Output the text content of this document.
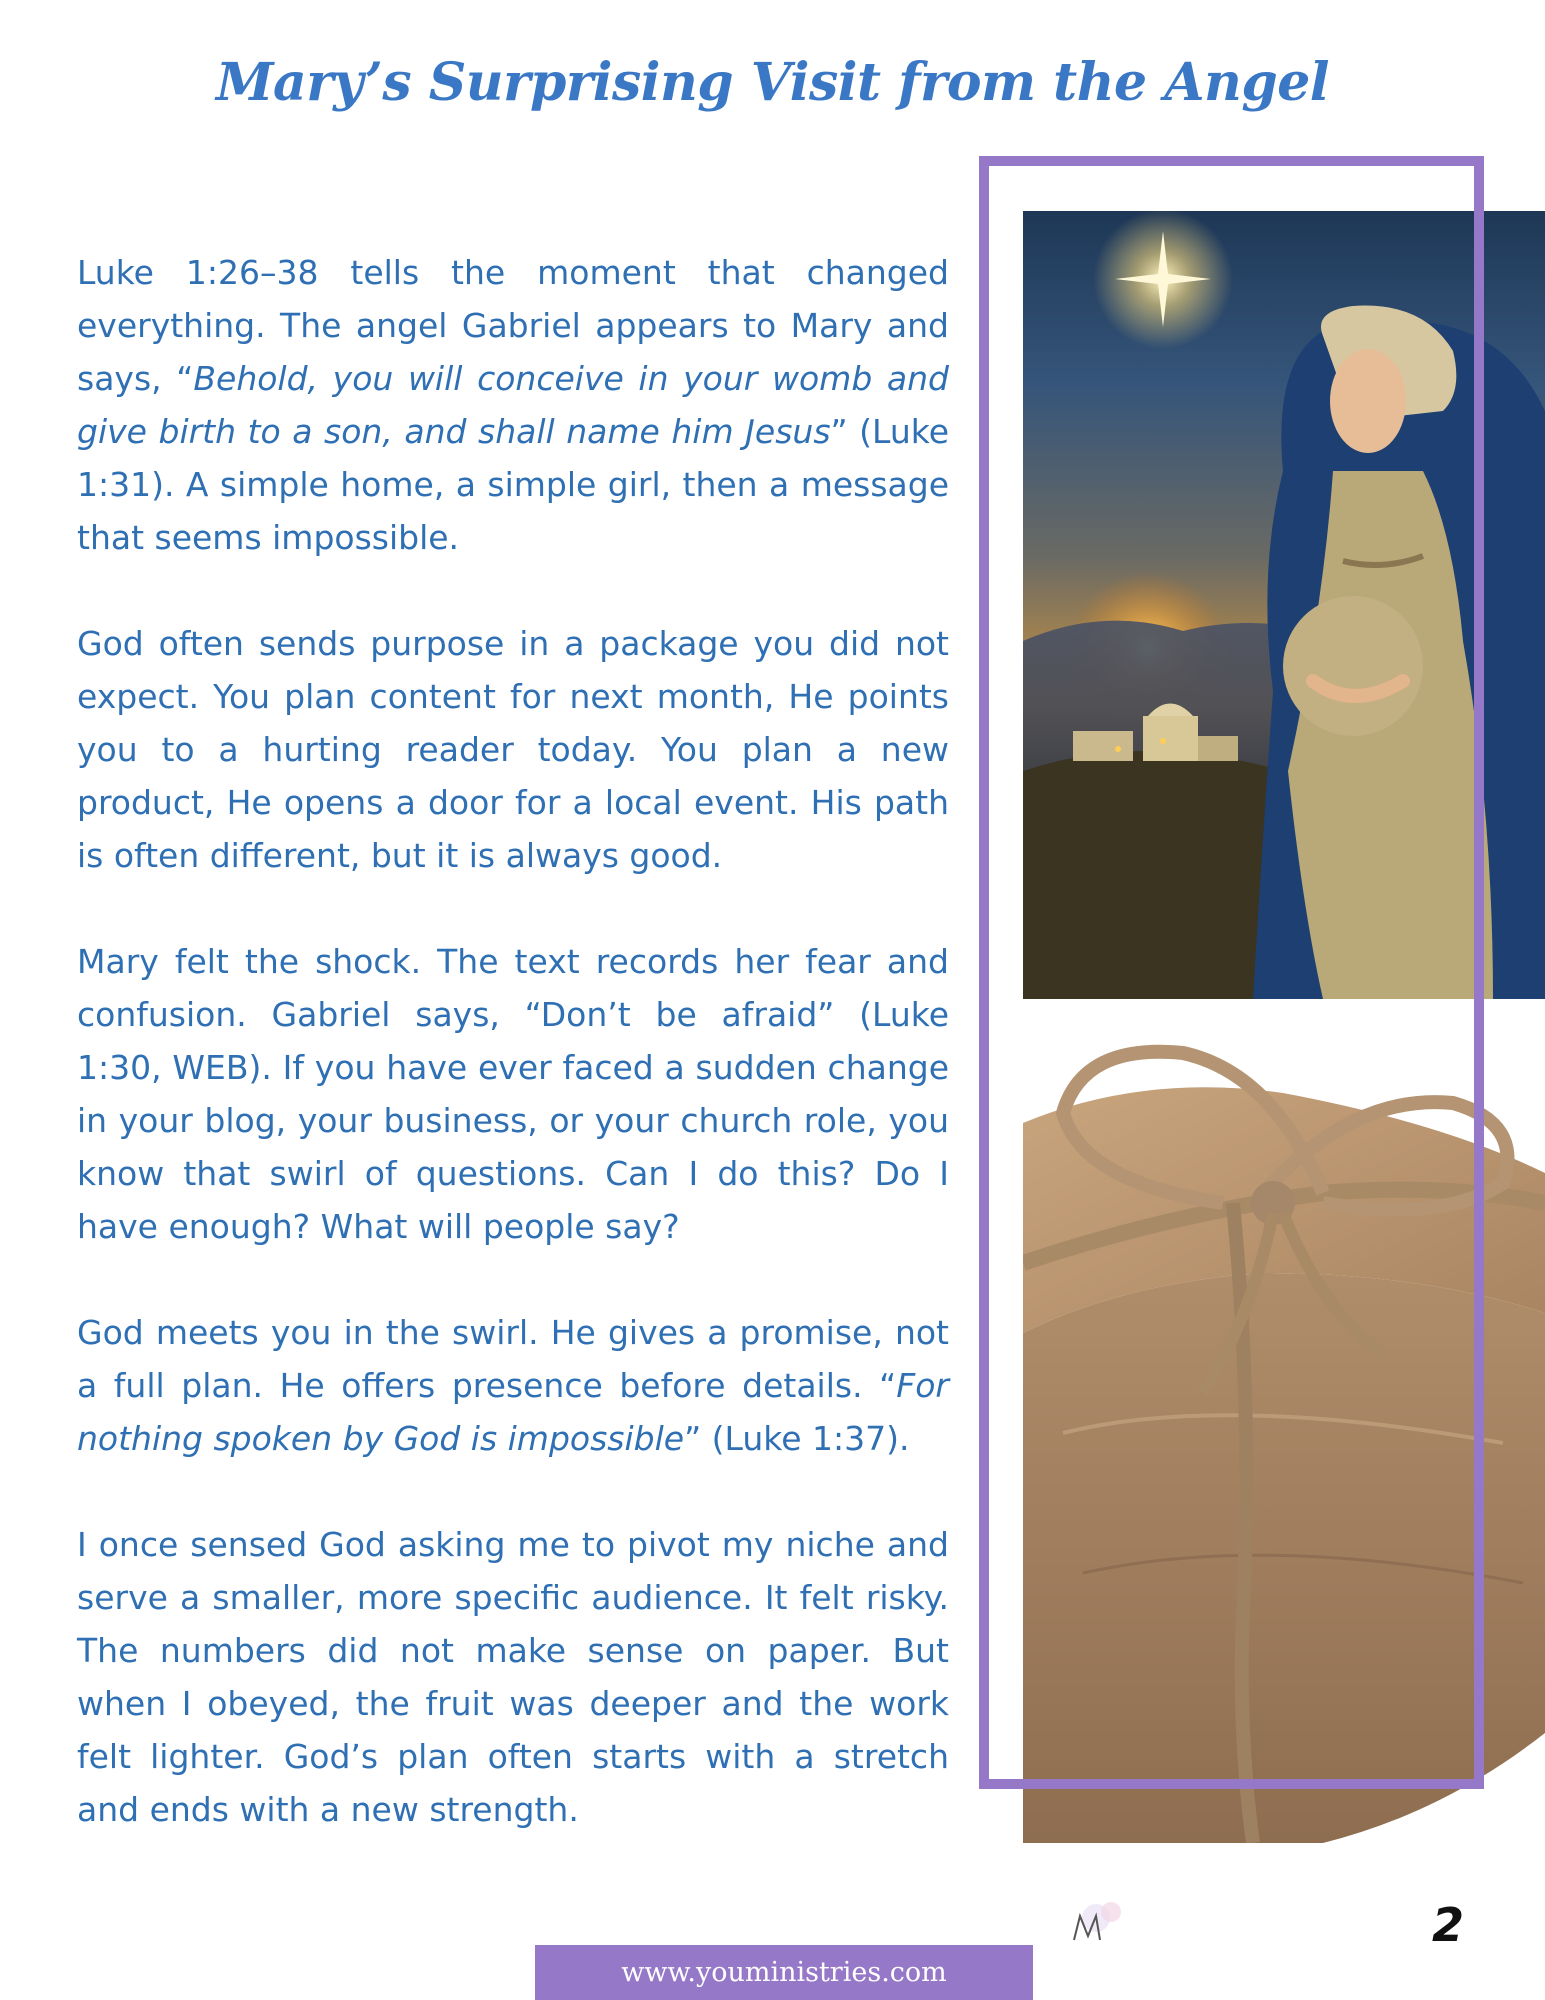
Mary’s Surprising Visit from the Angel

Luke 1:26–38 tells the moment that changed everything. The angel Gabriel appears to Mary and says, “Behold, you will conceive in your womb and give birth to a son, and shall name him Jesus” (Luke 1:31). A simple home, a simple girl, then a message that seems impossible.

God often sends purpose in a package you did not expect. You plan content for next month, He points you to a hurting reader today. You plan a new product, He opens a door for a local event. His path is often different, but it is always good.

Mary felt the shock. The text records her fear and confusion. Gabriel says, “Don’t be afraid” (Luke 1:30, WEB). If you have ever faced a sudden change in your blog, your business, or your church role, you know that swirl of questions. Can I do this? Do I have enough? What will people say?

God meets you in the swirl. He gives a promise, not a full plan. He offers presence before details. “For nothing spoken by God is impossible” (Luke 1:37).

I once sensed God asking me to pivot my niche and serve a smaller, more specific audience. It felt risky. The numbers did not make sense on paper. But when I obeyed, the fruit was deeper and the work felt lighter. God’s plan often starts with a stretch and ends with a new strength.

2
www.youministries.com
